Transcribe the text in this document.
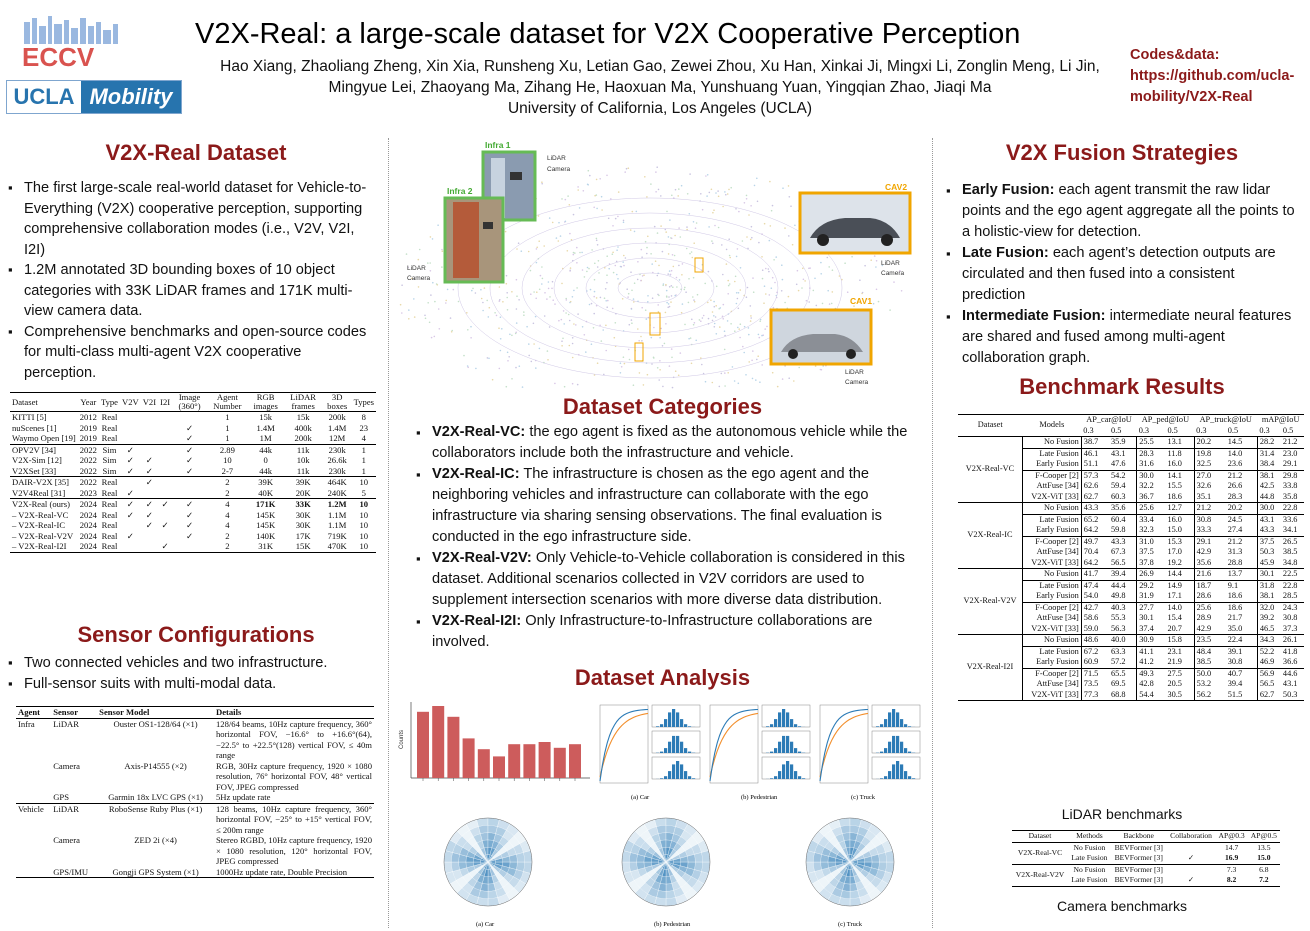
ECCV
UCLA Mobility
V2X-Real: a large-scale dataset for V2X Cooperative Perception
Hao Xiang, Zhaoliang Zheng, Xin Xia, Runsheng Xu, Letian Gao, Zewei Zhou, Xu Han, Xinkai Ji, Mingxi Li, Zonglin Meng, Li Jin,
Mingyue Lei, Zhaoyang Ma, Zihang He, Haoxuan Ma, Yunshuang Yuan, Yingqian Zhao, Jiaqi Ma
University of California, Los Angeles (UCLA)
Codes&data:
https://github.com/ucla-mobility/V2X-Real
V2X-Real Dataset
▪ The first large-scale real-world dataset for Vehicle-to-Everything (V2X) cooperative perception, supporting comprehensive collaboration modes (i.e., V2V, V2I, I2I)
▪ 1.2M annotated 3D bounding boxes of 10 object categories with 33K LiDAR frames and 171K multi-view camera data.
▪ Comprehensive benchmarks and open-source codes for multi-class multi-agent V2X cooperative perception.
Dataset	Year	Type	V2V	V2I	I2I	Image (360°)	Agent Number	RGB images	LiDAR frames	3D boxes	Types
KITTI [5]	2012	Real					1	15k	15k	200k	8
nuScenes [1]	2019	Real				✓	1	1.4M	400k	1.4M	23
Waymo Open [19]	2019	Real				✓	1	1M	200k	12M	4
OPV2V [34]	2022	Sim	✓			✓	2.89	44k	11k	230k	1
V2X-Sim [12]	2022	Sim	✓	✓		✓	10	0	10k	26.6k	1
V2XSet [33]	2022	Sim	✓	✓		✓	2-7	44k	11k	230k	1
DAIR-V2X [35]	2022	Real		✓			2	39K	39K	464K	10
V2V4Real [31]	2023	Real	✓				2	40K	20K	240K	5
V2X-Real (ours)	2024	Real	✓	✓	✓	✓	4	171K	33K	1.2M	10
– V2X-Real-VC	2024	Real	✓	✓		✓	4	145K	30K	1.1M	10
– V2X-Real-IC	2024	Real		✓	✓	✓	4	145K	30K	1.1M	10
– V2X-Real-V2V	2024	Real	✓			✓	2	140K	17K	719K	10
– V2X-Real-I2I	2024	Real			✓		2	31K	15K	470K	10
Sensor Configurations
▪ Two connected vehicles and two infrastructure.
▪ Full-sensor suits with multi-modal data.
Agent	Sensor	Sensor Model	Details
Infra	LiDAR	Ouster OS1-128/64 (×1)	128/64 beams, 10Hz capture frequency, 360° horizontal FOV, −16.6° to +16.6°(64), −22.5° to +22.5°(128) vertical FOV, ≤ 40m range
	Camera	Axis-P14555 (×2)	RGB, 30Hz capture frequency, 1920 × 1080 resolution, 76° horizontal FOV, 48° vertical FOV, JPEG compressed
	GPS	Garmin 18x LVC GPS (×1)	5Hz update rate
Vehicle	LiDAR	RoboSense Ruby Plus (×1)	128 beams, 10Hz capture frequency, 360° horizontal FOV, −25° to +15° vertical FOV, ≤ 200m range
	Camera	ZED 2i (×4)	Stereo RGBD, 10Hz capture frequency, 1920 × 1080 resolution, 120° horizontal FOV, JPEG compressed
	GPS/IMU	Gongji GPS System (×1)	1000Hz update rate, Double Precision
Infra 1
LiDAR
Camera
Infra 2
LiDAR
Camera
CAV2
LiDAR
Camera
CAV1
LiDAR
Camera
Dataset Categories
▪ V2X-Real-VC: the ego agent is fixed as the autonomous vehicle while the collaborators include both the infrastructure and vehicle.
▪ V2X-Real-IC: The infrastructure is chosen as the ego agent and the neighboring vehicles and infrastructure can collaborate with the ego infrastructure via sharing sensing observations. The final evaluation is conducted in the ego infrastructure side.
▪ V2X-Real-V2V: Only Vehicle-to-Vehicle collaboration is considered in this dataset. Additional scenarios collected in V2V corridors are used to supplement intersection scenarios with more diverse data distribution.
▪ V2X-Real-I2I: Only Infrastructure-to-Infrastructure collaborations are involved.
Dataset Analysis
Counts
(a) Car	(b) Pedestrian	(c) Truck
(a) Car	(b) Pedestrian	(c) Truck
V2X Fusion Strategies
▪ Early Fusion: each agent transmit the raw lidar points and the ego agent aggregate all the points to a holistic-view for detection.
▪ Late Fusion: each agent’s detection outputs are circulated and then fused into a consistent prediction
▪ Intermediate Fusion: intermediate neural features are shared and fused among multi-agent collaboration graph.
Benchmark Results
Dataset	Models	AP_car@IoU		AP_ped@IoU		AP_truck@IoU		mAP@IoU	
		0.3	0.5	0.3	0.5	0.3	0.5	0.3	0.5
V2X-Real-VC	No Fusion	38.7	35.9	25.5	13.1	20.2	14.5	28.2	21.2
	Late Fusion	46.1	43.1	28.3	11.8	19.8	14.0	31.4	23.0
	Early Fusion	51.1	47.6	31.6	16.0	32.5	23.6	38.4	29.1
	F-Cooper [2]	57.3	54.2	30.0	14.1	27.0	21.2	38.1	29.8
	AttFuse [34]	62.6	59.4	32.2	15.5	32.6	26.6	42.5	33.8
	V2X-ViT [33]	62.7	60.3	36.7	18.6	35.1	28.3	44.8	35.8
V2X-Real-IC	No Fusion	43.3	35.6	25.6	12.7	21.2	20.2	30.0	22.8
	Late Fusion	65.2	60.4	33.4	16.0	30.8	24.5	43.1	33.6
	Early Fusion	64.2	59.8	32.3	15.0	33.3	27.4	43.3	34.1
	F-Cooper [2]	49.7	43.3	31.0	15.3	29.1	21.2	37.5	26.5
	AttFuse [34]	70.4	67.3	37.5	17.0	42.9	31.3	50.3	38.5
	V2X-ViT [33]	64.2	56.5	37.8	19.2	35.6	28.8	45.9	34.8
V2X-Real-V2V	No Fusion	41.7	39.4	26.9	14.4	21.6	13.7	30.1	22.5
	Late Fusion	47.4	44.4	29.2	14.9	18.7	9.1	31.8	22.8
	Early Fusion	54.0	49.8	31.9	17.1	28.6	18.6	38.1	28.5
	F-Cooper [2]	42.7	40.3	27.7	14.0	25.6	18.6	32.0	24.3
	AttFuse [34]	58.6	55.3	30.1	15.4	28.9	21.7	39.2	30.8
	V2X-ViT [33]	59.0	56.3	37.4	20.7	42.9	35.0	46.5	37.3
V2X-Real-I2I	No Fusion	48.6	40.0	30.9	15.8	23.5	22.4	34.3	26.1
	Late Fusion	67.2	63.3	41.1	23.1	48.4	39.1	52.2	41.8
	Early Fusion	60.9	57.2	41.2	21.9	38.5	30.8	46.9	36.6
	F-Cooper [2]	71.5	65.5	49.3	27.5	50.0	40.7	56.9	44.6
	AttFuse [34]	73.5	69.5	42.8	20.5	53.2	39.4	56.5	43.1
	V2X-ViT [33]	77.3	68.8	54.4	30.5	56.2	51.5	62.7	50.3
LiDAR benchmarks
Dataset	Methods	Backbone	Collaboration	AP@0.3	AP@0.5
V2X-Real-VC	No Fusion	BEVFormer [3]		14.7	13.5
	Late Fusion	BEVFormer [3]	✓	16.9	15.0
V2X-Real-V2V	No Fusion	BEVFormer [3]		7.3	6.8
	Late Fusion	BEVFormer [3]	✓	8.2	7.2
Camera benchmarks
